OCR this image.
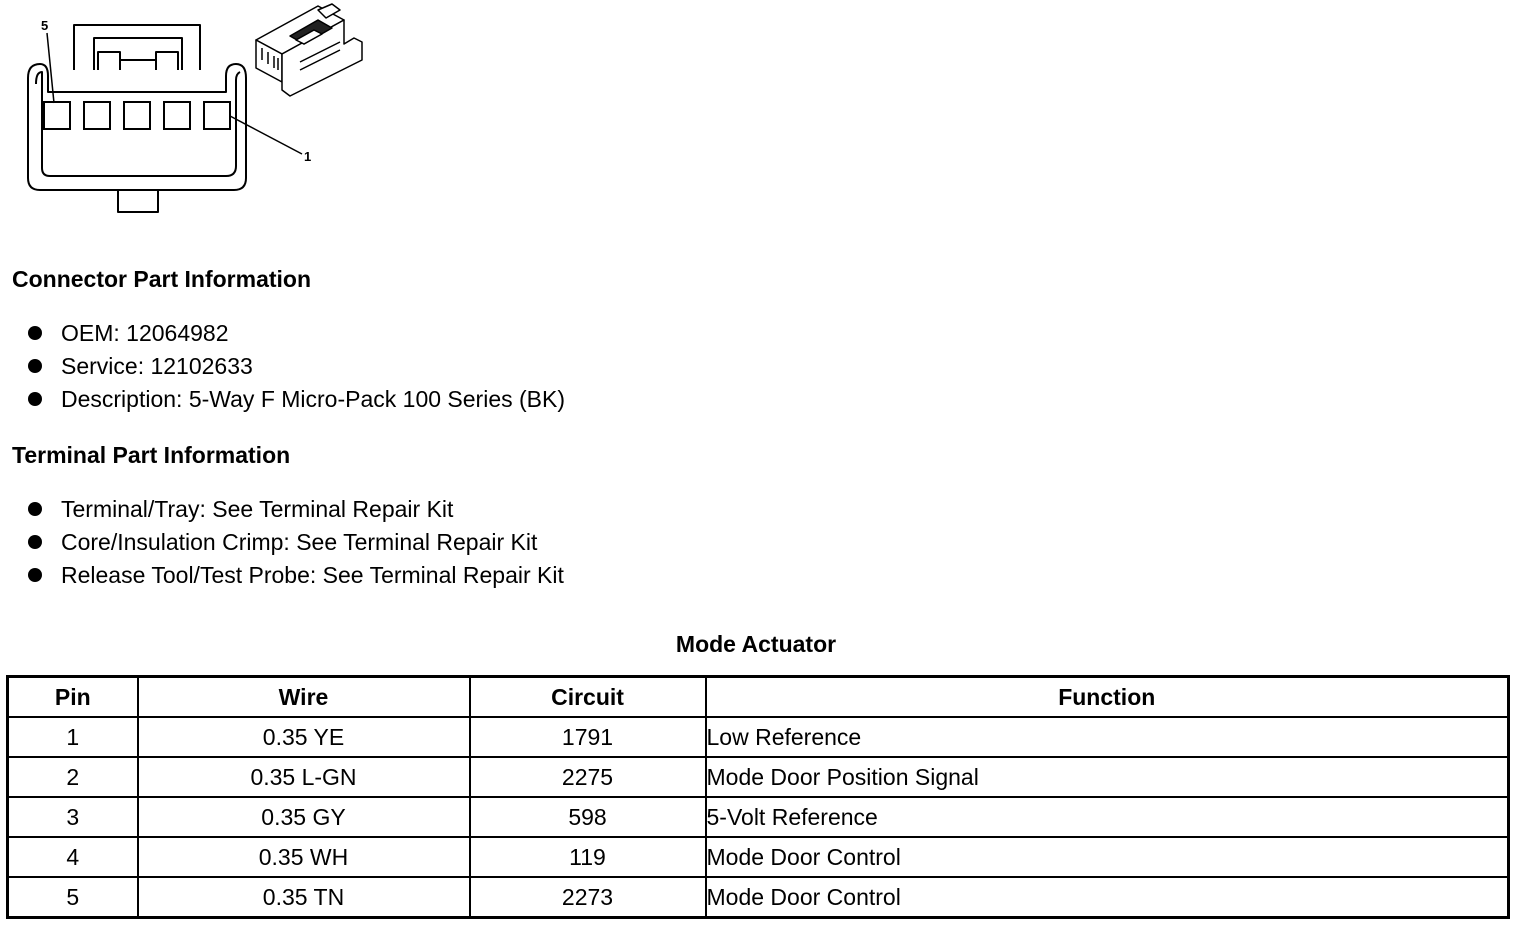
5
1
Connector Part Information
OEM: 12064982
Service: 12102633
Description: 5-Way F Micro-Pack 100 Series (BK)
Terminal Part Information
Terminal/Tray: See Terminal Repair Kit
Core/Insulation Crimp: See Terminal Repair Kit
Release Tool/Test Probe: See Terminal Repair Kit
Mode Actuator
Pin	Wire	Circuit	Function
1	0.35 YE	1791	Low Reference
2	0.35 L-GN	2275	Mode Door Position Signal
3	0.35 GY	598	5-Volt Reference
4	0.35 WH	119	Mode Door Control
5	0.35 TN	2273	Mode Door Control
